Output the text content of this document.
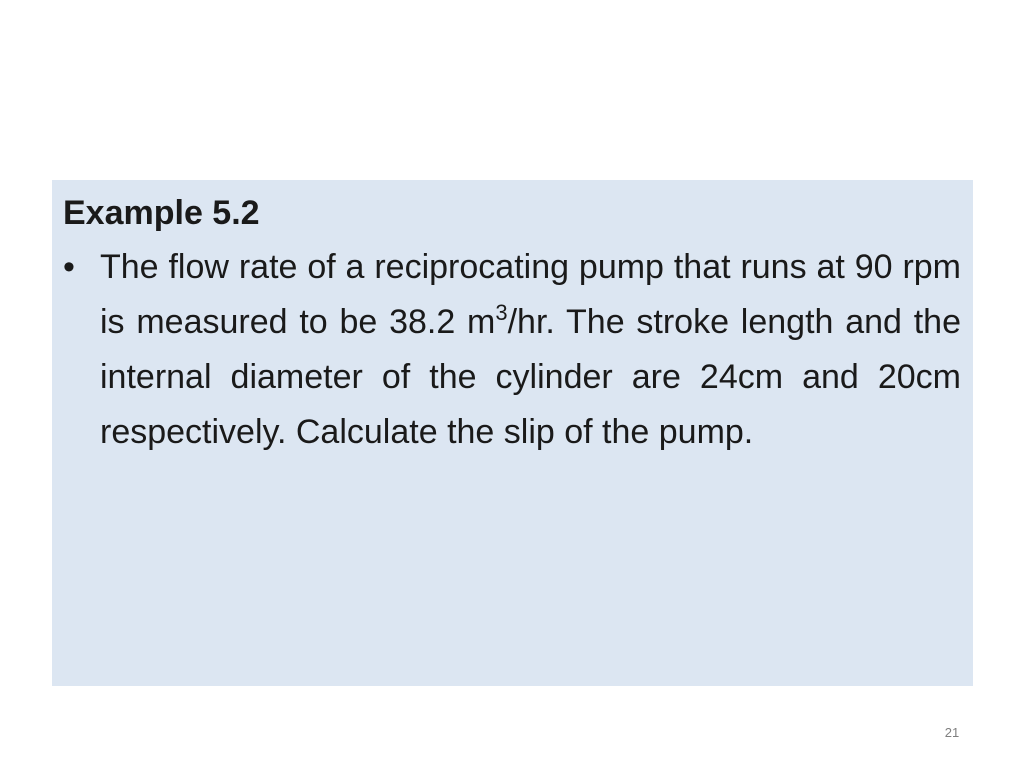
Example 5.2

• The flow rate of a reciprocating pump that runs at 90 rpm is measured to be 38.2 $m^3/hr$. The stroke length and the internal diameter of the cylinder are 24cm and 20cm respectively. Calculate the slip of the pump.
21
